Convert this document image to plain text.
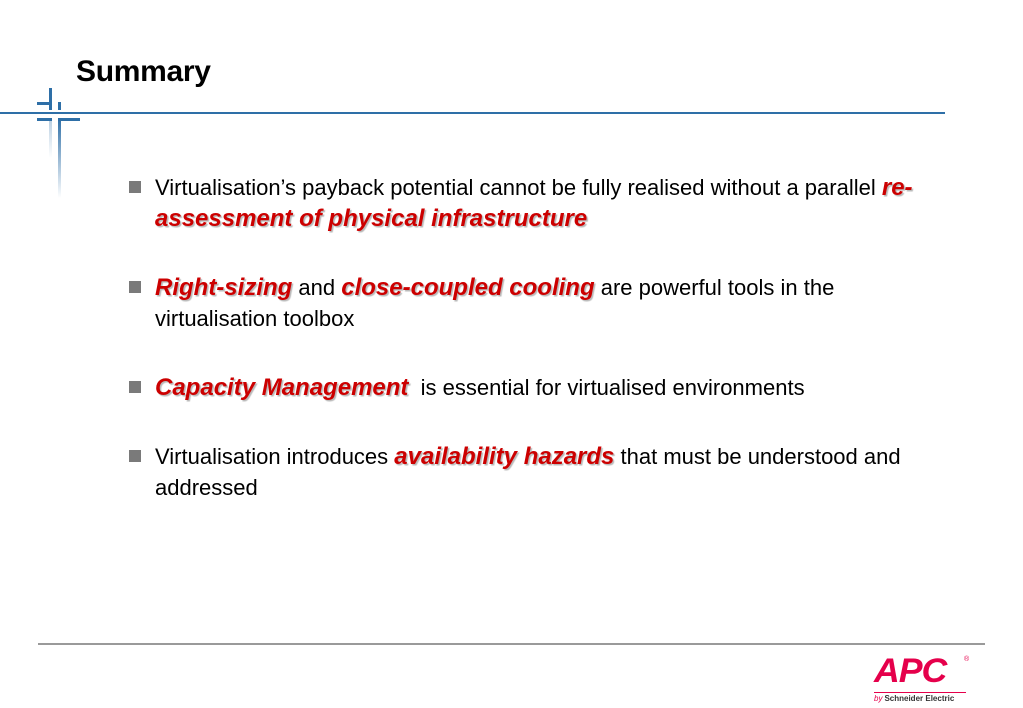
Summary
Virtualisation’s payback potential cannot be fully realised without a parallel re-assessment of physical infrastructure
Right-sizing and close-coupled cooling are powerful tools in the virtualisation toolbox
Capacity Management  is essential for virtualised environments
Virtualisation introduces availability hazards that must be understood and addressed
APC	®
by Schneider Electric
